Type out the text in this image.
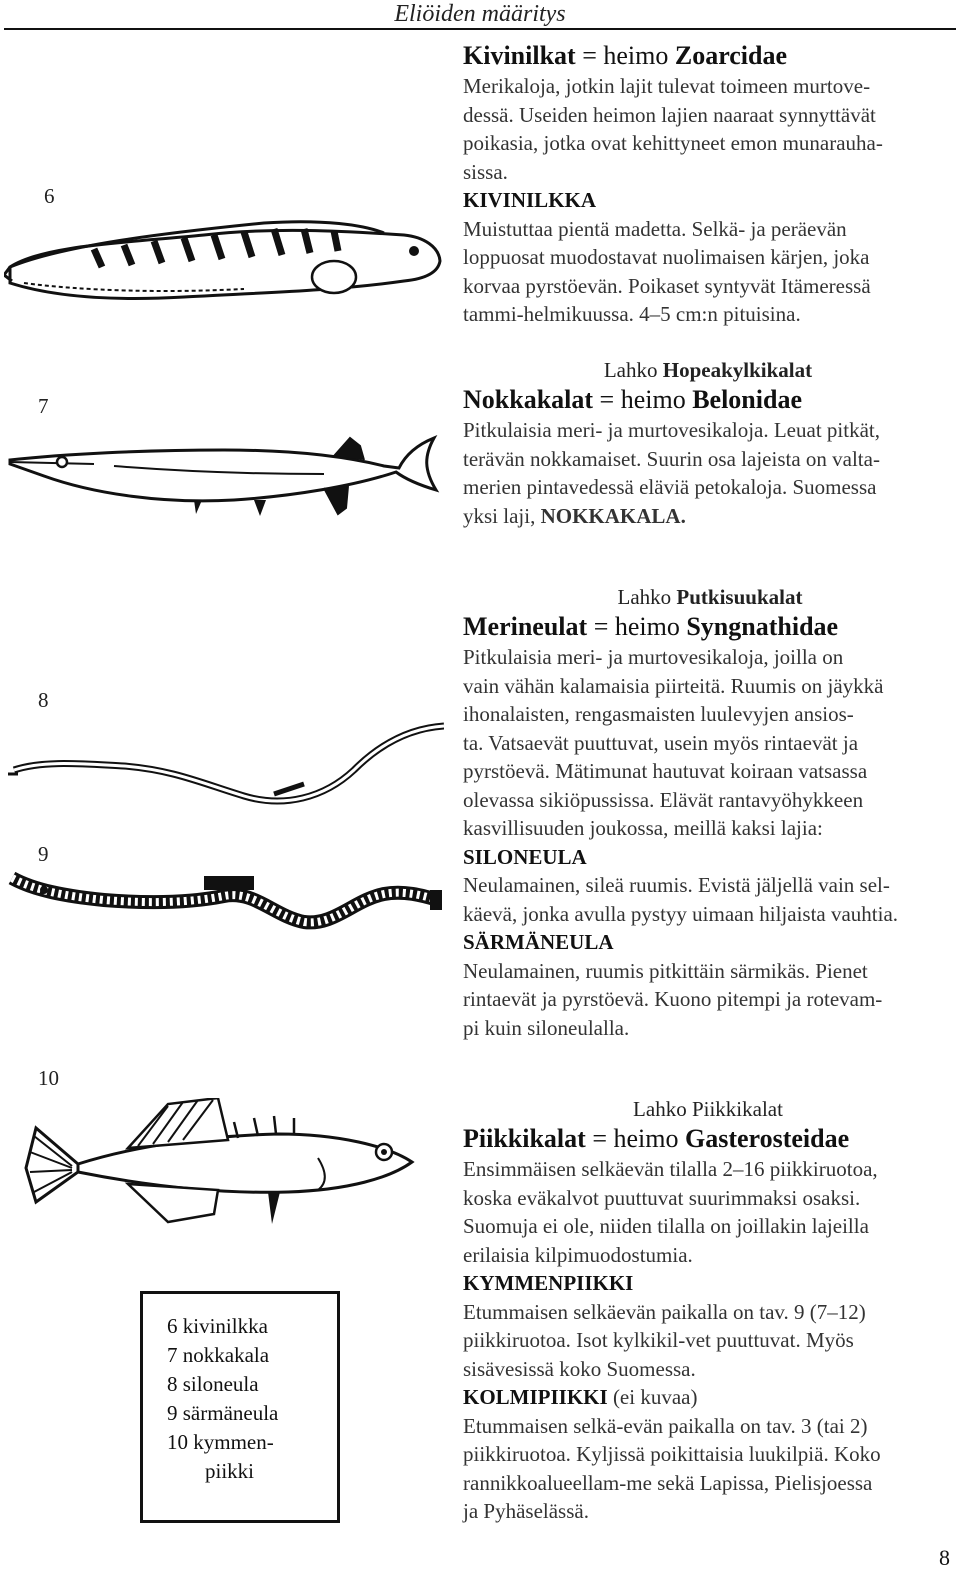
Eliöiden määritys
6
7
8
9
10

Kivinilkat = heimo Zoarcidae

Merikaloja, jotkin lajit tulevat toimeen murtove-

dessä. Useiden heimon lajien naaraat synnyttävät

poikasia, jotka ovat kehittyneet emon munarauha-

sissa.

KIVINILKKA

Muistuttaa pientä madetta. Selkä- ja peräevän

loppuosat muodostavat nuolimaisen kärjen, joka

korvaa pyrstöevän. Poikaset syntyvät Itämeressä

tammi-helmikuussa. 4–5 cm:n pituisina.

Lahko Hopeakylkikalat

Nokkakalat = heimo Belonidae

Pitkulaisia meri- ja murtovesikaloja. Leuat pitkät,

terävän nokkamaiset. Suurin osa lajeista on valta-

merien pintavedessä eläviä petokaloja. Suomessa

yksi laji, NOKKAKALA.

Lahko Putkisuukalat

Merineulat = heimo Syngnathidae

Pitkulaisia meri- ja murtovesikaloja, joilla on

vain vähän kalamaisia piirteitä. Ruumis on jäykkä

ihonalaisten, rengasmaisten luulevyjen ansios-

ta. Vatsaevät puuttuvat, usein myös rintaevät ja

pyrstöevä. Mätimunat hautuvat koiraan vatsassa

olevassa sikiöpussissa. Elävät rantavyöhykkeen

kasvillisuuden joukossa, meillä kaksi lajia:

SILONEULA

Neulamainen, sileä ruumis. Evistä jäljellä vain sel-

käevä, jonka avulla pystyy uimaan hiljaista vauhtia.

SÄRMÄNEULA

Neulamainen, ruumis pitkittäin särmikäs. Pienet

rintaevät ja pyrstöevä. Kuono pitempi ja rotevam-

pi kuin siloneulalla.

Lahko Piikkikalat

Piikkikalat = heimo Gasterosteidae

Ensimmäisen selkäevän tilalla 2–16 piikkiruotoa,

koska eväkalvot puuttuvat suurimmaksi osaksi.

Suomuja ei ole, niiden tilalla on joillakin lajeilla

erilaisia kilpimuodostumia.

KYMMENPIIKKI

Etummaisen selkäevän paikalla on tav. 9 (7–12)

piikkiruotoa. Isot kylkikil-vet puuttuvat. Myös

sisävesissä koko Suomessa.

KOLMIPIIKKI (ei kuvaa)

Etummaisen selkä-evän paikalla on tav. 3 (tai 2)

piikkiruotoa. Kyljissä poikittaisia luukilpiä. Koko

rannikkoalueellam-me sekä Lapissa, Pielisjoessa

ja Pyhäselässä.

6 kivinilkka
7 nokkakala
8 siloneula
9 särmäneula
10 kymmen-
piikki
8
